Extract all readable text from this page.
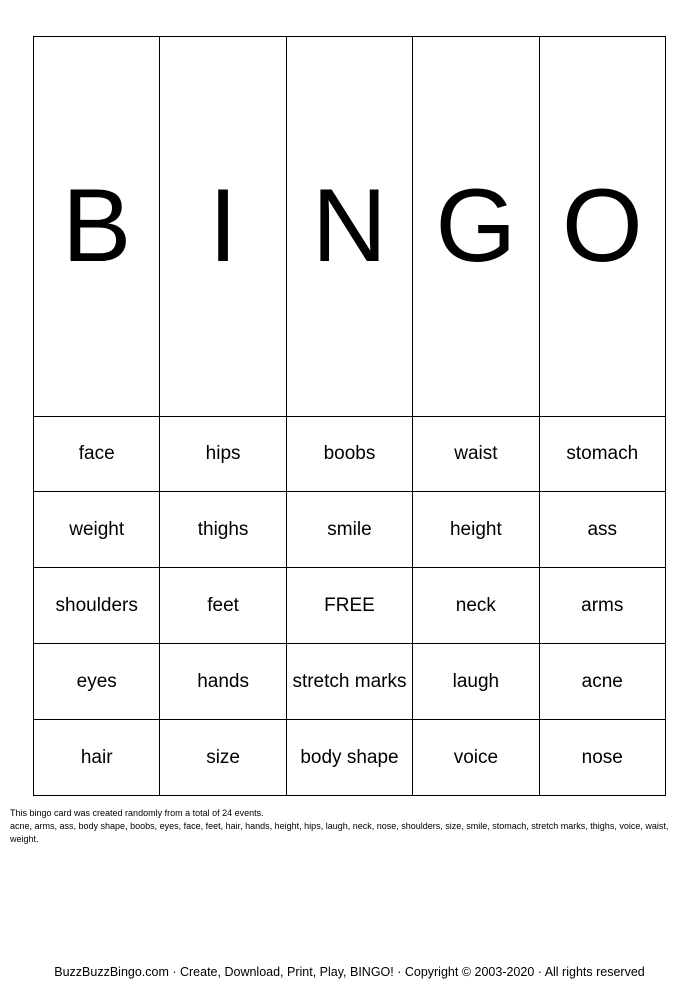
B	I	N	G	O
face	hips	boobs	waist	stomach
weight	thighs	smile	height	ass
shoulders	feet	FREE	neck	arms
eyes	hands	stretch marks	laugh	acne
hair	size	body shape	voice	nose
This bingo card was created randomly from a total of 24 events.
acne, arms, ass, body shape, boobs, eyes, face, feet, hair, hands, height, hips, laugh, neck, nose, shoulders, size, smile, stomach, stretch marks, thighs, voice, waist, weight.
BuzzBuzzBingo.com · Create, Download, Print, Play, BINGO! · Copyright © 2003-2020 · All rights reserved
